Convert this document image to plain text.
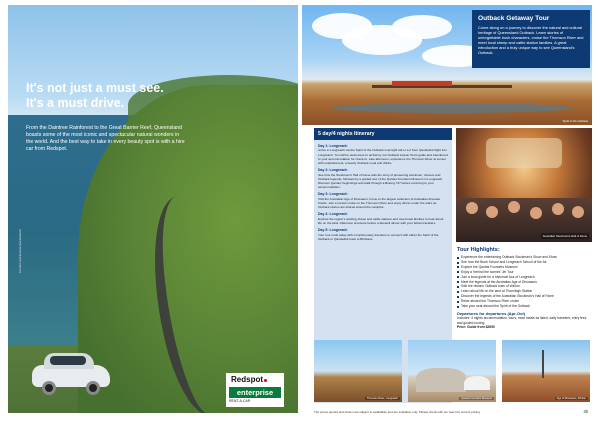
It's not just a must see.
It's a must drive.
From the Daintree Rainforest to the Great Barrier Reef, Queensland boasts some of the most iconic and spectacular natural wonders in the world. And the best way to take in every beauty spot is with a hire car from Redspot.
Tourism and Events Queensland
Redspot
enterprise
RENT-A-CAR
Spirit of the Outback
Outback Getaway Tour
Come along on a journey to discover the natural and cultural heritage of Queensland Outback. Learn stories of unforgettable bush characters, cruise the Thomson River and meet local sheep and cattle station families. A great introduction and a truly unique way to see Queensland's Outback.
5 day/4 nights Itinerary
Day 1: Longreach
Arrive in Longreach via the Spirit of the Outback overnight rail or a 2 hour Qantaslink flight into Longreach. You will be welcomed on arrival by our Outback Aussie Tours guide and transferred to your accommodation for check-in. Late afternoon, experience the Thomson River at sunset with entertainment, a hearty Outback meal and drinks.
Day 2: Longreach
See how the Stockman's Hall of Fame tells the story of pioneering stockmen, drovers and Outback legends, followed by a guided tour of the Qantas Founders Museum in Longreach. Discover Qantas' beginnings and walk through a Boeing 747 before returning to your accommodation.
Day 3: Longreach
Visit the Australian Age of Dinosaurs, home to the largest collection of Australian dinosaur fossils. Join a sunset cruise on the Thomson River and enjoy dinner under the stars as Outback stories are shared around the campfire.
Day 4: Longreach
Explore the region's working sheep and cattle stations and meet local families to hear about life on the land. Afternoon at leisure before a farewell dinner with your fellow travellers.
Day 5: Longreach
Your tour ends today with complimentary transfers to connect with either the Spirit of the Outback or Qantaslink back to Brisbane.
Australian Stockman's Hall of Fame
Tour Highlights:
Experience the entertaining Outback Stockman's Show and Show
See how the Bush School and Longreach School of the Air
Explore the Qantas Founders Museum
Enjoy a 'behind the scenes' Jet Tour
Join a local guide for a historical tour of Longreach
Meet the legends at the Australian Age of Dinosaurs
Visit the historic Outback town of Winton
Learn about life on the land at Thornleigh Station
Discover the legends of the Australian Stockman's Hall of Fame
Relax aboard the Thomson River cruise
Take your seat aboard the Spirit of the Outback
Departures for departures (Apr-Oct)
Includes: 4 nights accommodation, tours, most meals as listed, daily transfers, entry fees and guided touring.
Price: Guide from $2690
Thomson River, Longreach	Qantas Founders Museum	Age of Dinosaurs, Winton
The prices quoted and shown are subject to availability and are indicative only. Please check with our team for current pricing.	35
